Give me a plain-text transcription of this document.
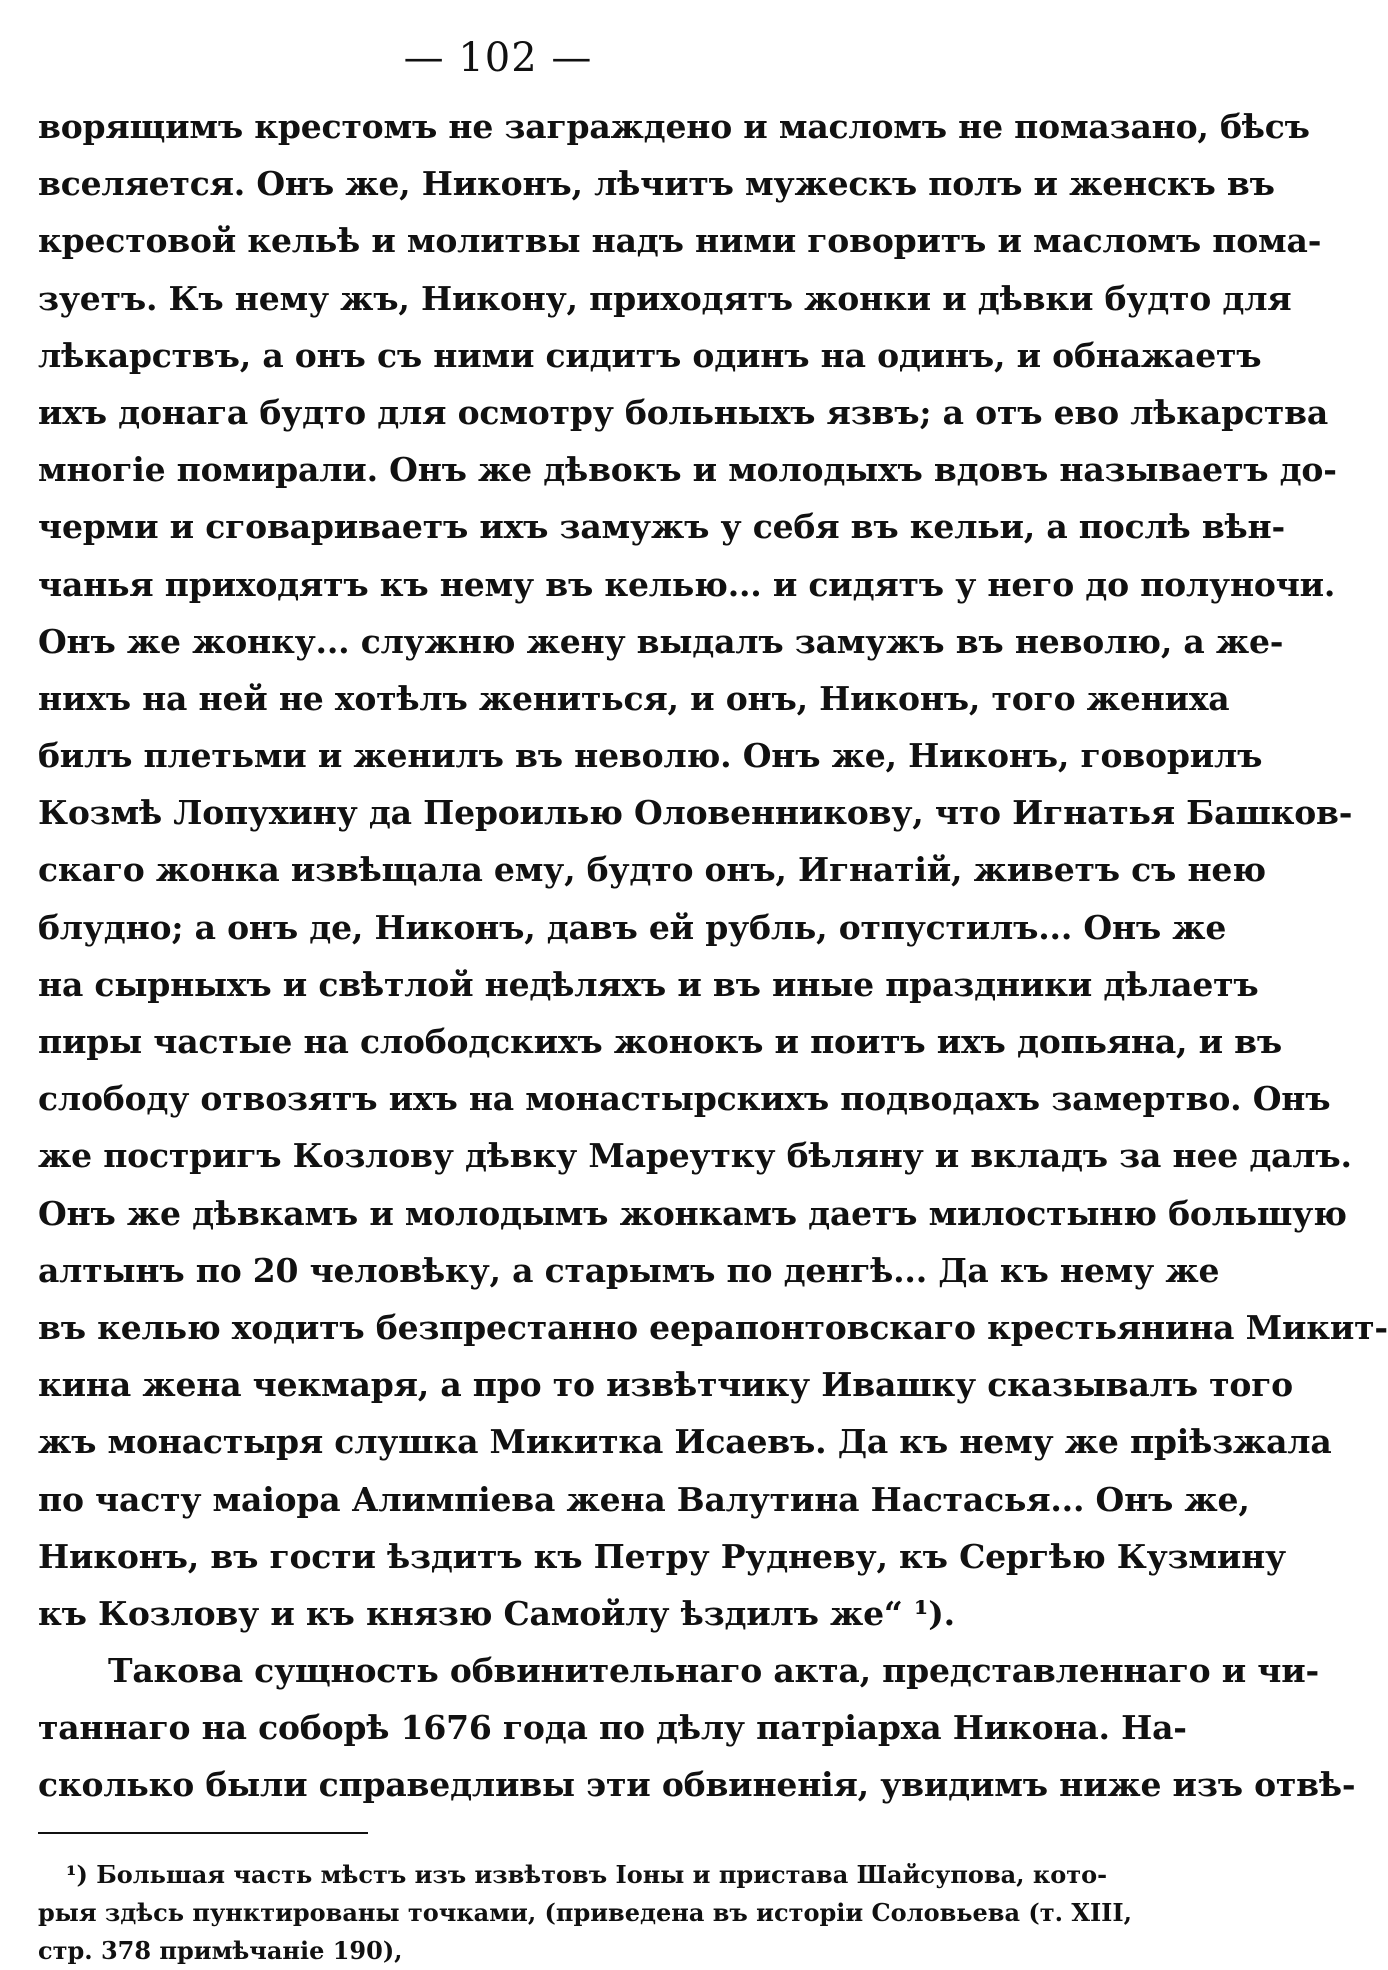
— 102 —
ворящимъ крестомъ не заграждено и масломъ не помазано, бѣсъ
вселяется. Онъ же, Никонъ, лѣчитъ мужескъ полъ и женскъ въ
крестовой кельѣ и молитвы надъ ними говоритъ и масломъ пома-
зуетъ. Къ нему жъ, Никону, приходятъ жонки и дѣвки будто для
лѣкарствъ, а онъ съ ними сидитъ одинъ на одинъ, и обнажаетъ
ихъ донага будто для осмотру больныхъ язвъ; а отъ ево лѣкарства
многіе помирали. Онъ же дѣвокъ и молодыхъ вдовъ называетъ до-
черми и сговариваетъ ихъ замужъ у себя въ кельи, а послѣ вѣн-
чанья приходятъ къ нему въ келью... и сидятъ у него до полуночи.
Онъ же жонку... служню жену выдалъ замужъ въ неволю, а же-
нихъ на ней не хотѣлъ жениться, и онъ, Никонъ, того жениха
билъ плетьми и женилъ въ неволю. Онъ же, Никонъ, говорилъ
Козмѣ Лопухину да Пероилью Оловенникову, что Игнатья Башков-
скаго жонка извѣщала ему, будто онъ, Игнатій, живетъ съ нею
блудно; а онъ де, Никонъ, давъ ей рубль, отпустилъ... Онъ же
на сырныхъ и свѣтлой недѣляхъ и въ иные праздники дѣлаетъ
пиры частые на слободскихъ жонокъ и поитъ ихъ допьяна, и въ
слободу отвозятъ ихъ на монастырскихъ подводахъ замертво. Онъ
же постригъ Козлову дѣвку Мареутку бѣляну и вкладъ за нее далъ.
Онъ же дѣвкамъ и молодымъ жонкамъ даетъ милостыню большую
алтынъ по 20 человѣку, а старымъ по денгѣ... Да къ нему же
въ келью ходитъ безпрестанно ееpапонтовскаго крестьянина Микит-
кина жена чекмаря, а про то извѣтчику Ивашку сказывалъ того
жъ монастыря слушка Микитка Исаевъ. Да къ нему же пріѣзжала
по часту маіора Алимпіева жена Валутина Настасья... Онъ же,
Никонъ, въ гости ѣздитъ къ Петру Рудневу, къ Сергѣю Кузмину
къ Козлову и къ князю Самойлу ѣздилъ же“ ¹).
Такова сущность обвинительнаго акта, представленнаго и чи-
таннаго на соборѣ 1676 года по дѣлу патріарха Никона. На-
сколько были справедливы эти обвиненія, увидимъ ниже изъ отвѣ-
¹) Большая часть мѣстъ изъ извѣтовъ Іоны и пристава Шайсупова, кото-
рыя здѣсь пунктированы точками, (приведена въ исторіи Соловьева (т. XIII,
стр. 378 примѣчаніе 190),
